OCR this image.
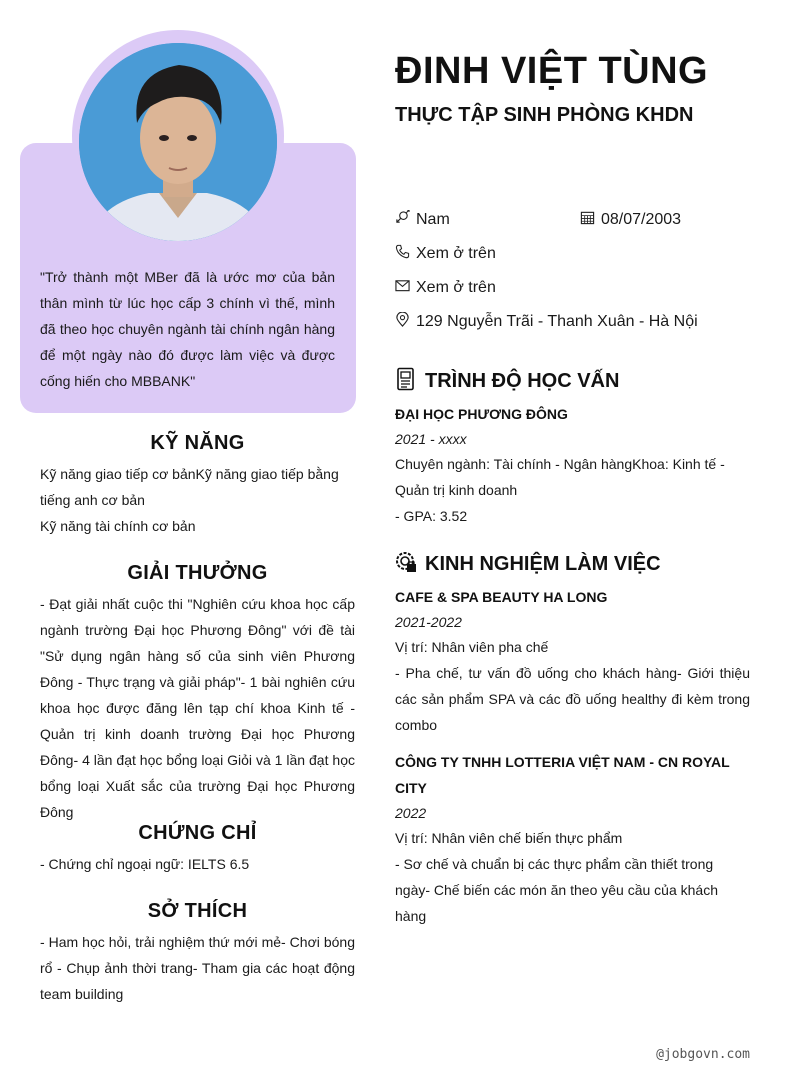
"Trở thành một MBer đã là ước mơ của bản thân mình từ lúc học cấp 3 chính vì thế, mình đã theo học chuyên ngành tài chính ngân hàng để một ngày nào đó được làm việc và được cống hiến cho MBBANK"

KỸ NĂNG

Kỹ năng giao tiếp cơ bảnKỹ năng giao tiếp bằng tiếng anh cơ bản

Kỹ năng tài chính cơ bản

GIẢI THƯỞNG

- Đạt giải nhất cuộc thi "Nghiên cứu khoa học cấp ngành trường Đại học Phương Đông" với đề tài "Sử dụng ngân hàng số của sinh viên Phương Đông - Thực trạng và giải pháp"- 1 bài nghiên cứu khoa học được đăng lên tạp chí khoa Kinh tế - Quản trị kinh doanh trường Đại học Phương Đông- 4 lần đạt học bổng loại Giỏi và 1 lần đạt học bổng loại Xuất sắc của trường Đại học Phương Đông

CHỨNG CHỈ

- Chứng chỉ ngoại ngữ: IELTS 6.5

SỞ THÍCH

- Ham học hỏi, trải nghiệm thứ mới mẻ- Chơi bóng rổ - Chụp ảnh thời trang- Tham gia các hoạt động team building

ĐINH VIỆT TÙNG
THỰC TẬP SINH PHÒNG KHDN
Nam	08/07/2003
Xem ở trên
Xem ở trên
129 Nguyễn Trãi - Thanh Xuân - Hà Nội
TRÌNH ĐỘ HỌC VẤN

ĐẠI HỌC PHƯƠNG ĐÔNG

2021 - xxxx

Chuyên ngành: Tài chính - Ngân hàngKhoa: Kinh tế - Quản trị kinh doanh

- GPA: 3.52

KINH NGHIỆM LÀM VIỆC

CAFE & SPA BEAUTY HA LONG

2021-2022

Vị trí: Nhân viên pha chế

- Pha chế, tư vấn đồ uống cho khách hàng- Giới thiệu các sản phẩm SPA và các đồ uống healthy đi kèm trong combo

CÔNG TY TNHH LOTTERIA VIỆT NAM - CN ROYAL CITY

2022

Vị trí: Nhân viên chế biến thực phẩm

- Sơ chế và chuẩn bị các thực phẩm cần thiết trong ngày- Chế biến các món ăn theo yêu cầu của khách hàng

@jobgovn.com
